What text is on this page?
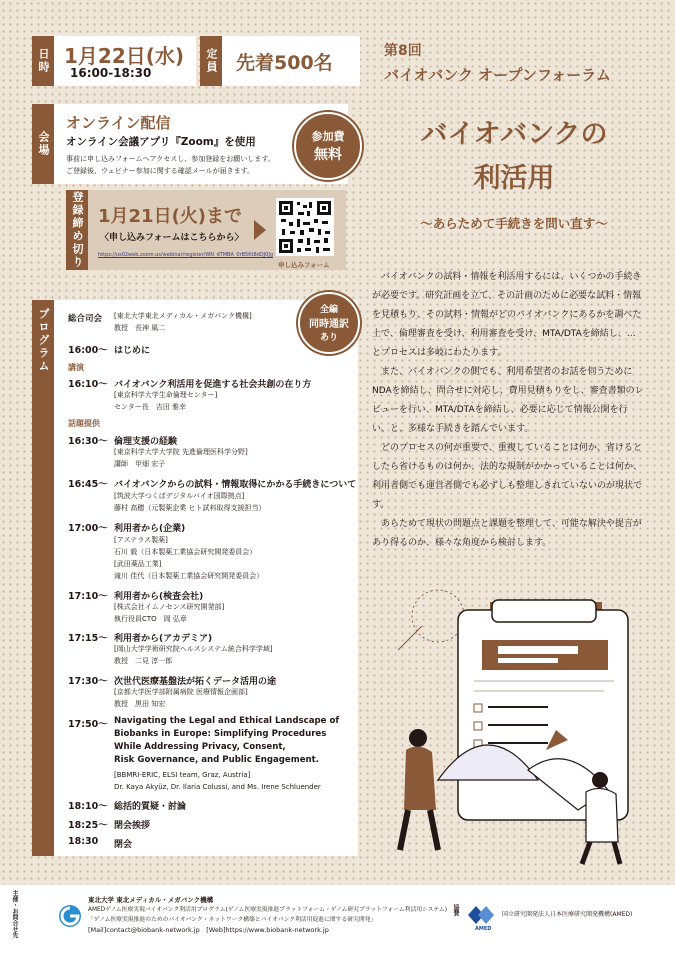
日時 1月22日(水)
16:00-18:30	定員 先着500名
第8回
バイオバンク オープンフォーラム
会場
オンライン配信
オンライン会議アプリ『Zoom』を使用
事前に申し込みフォームへアクセスし、参加登録をお願いします。
ご登録後、ウェビナー参加に関する確認メールが届きます。
参加費
無料
登録締め切り 1月21日(火)まで
〈申し込みフォームはこちらから〉
https://us02web.zoom.us/webinar/register/WN_dTMBA_0rB5Kt8dDJ0Jg
申し込みフォーム
バイオバンクの
利活用
〜あらためて手続きを問い直す〜

バイオバンクの試料・情報を利活用するには、いくつかの手続きが必要です。研究計画を立て、その計画のために必要な試料・情報を見積もり、その試料・情報がどのバイオバンクにあるかを調べた上で、倫理審査を受け、利用審査を受け、MTA/DTAを締結し、…とプロセスは多岐にわたります。

また、バイオバンクの側でも、利用希望者のお話を伺うためにNDAを締結し、問合せに対応し、費用見積もりをし、審査書類のレビューを行い、MTA/DTAを締結し、必要に応じて情報公開を行い、と、多様な手続きを踏んでいます。

どのプロセスの何が重要で、重複していることは何か、省けるとしたら省けるものは何か、法的な規制がかかっていることは何か、利用者側でも運営者側でも必ずしも整理しきれていないのが現状です。

あらためて現状の問題点と課題を整理して、可能な解決や提言があり得るのか、様々な角度から検討します。

プログラム	全編
同時通訳
あり
総合司会 [東北大学東北メディカル・メガバンク機構]
教授　長神 風二
16:00〜 はじめに
講演
16:10〜 バイオバンク利活用を促進する社会共創の在り方
[東京科学大学生命倫理センター]
センター長　吉田 雅幸
話題提供
16:30〜 倫理支援の経験
[東京科学大学大学院 先進倫理医科学分野]
講師　甲畑 宏子
16:45〜 バイオバンクからの試料・情報取得にかかる手続きについて
[筑波大学つくばデジタルバイオ国際拠点]
藤村 高穂（元製薬企業 ヒト試料取得支援担当）
17:00〜 利用者から(企業)
[アステラス製薬]
石川 毅（日本製薬工業協会研究開発委員会）
[武田薬品工業]
滝川 佳代（日本製薬工業協会研究開発委員会）
17:10〜 利用者から(検査会社)
[株式会社イムノセンス研究開発部]
執行役員CTO　岡 弘章
17:15〜 利用者から(アカデミア)
[岡山大学学術研究院ヘルスシステム統合科学学域]
教授　二見 淳一郎
17:30〜 次世代医療基盤法が拓くデータ活用の途
[京都大学医学部附属病院 医療情報企画部]
教授　黒田 知宏
17:50〜 Navigating the Legal and Ethical Landscape of
Biobanks in Europe: Simplifying Procedures
While Addressing Privacy, Consent,
Risk Governance, and Public Engagement.
[BBMRI-ERIC, ELSI team, Graz, Austria]
Dr. Kaya Akyüz, Dr. Ilaria Colussi, and Ms. Irene Schluender
18:10〜 総括的質疑・討論
18:25〜 閉会挨拶
18:30 閉会
主催・お問合せ先	東北大学 東北メディカル・メガバンク機構
AMEDゲノム医療実現バイオバンク利活用プログラム(ゲノム医療実現推進プラットフォーム・ゲノム研究プラットフォーム利活用システム)
「ゲノム医療実現推進のためのバイオバンク・ネットワーク構築とバイオバンク利活用促進に関する研究開発」
[Mail]contact@biobank-network.jp　[Web]https://www.biobank-network.jp
協賛
AMED
国立研究開発法人日本医療研究開発機構(AMED)
